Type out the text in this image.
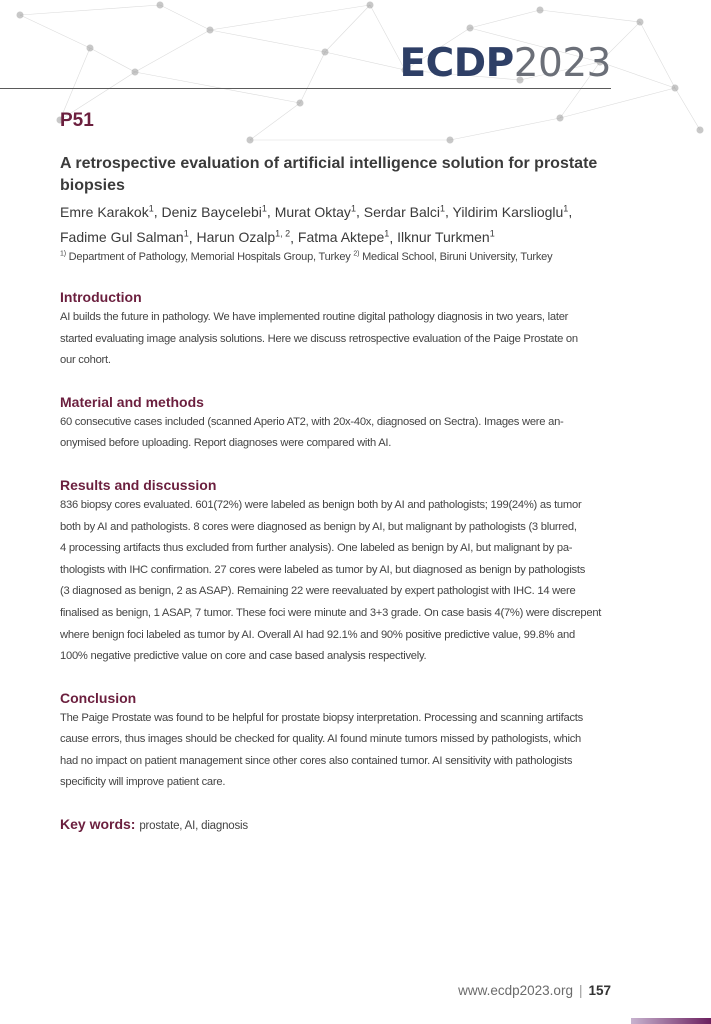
ECDP2023
P51
A retrospective evaluation of artificial intelligence solution for prostate biopsies

Emre Karakok$^1$, Deniz Baycelebi$^1$, Murat Oktay$^1$, Serdar Balci$^1$, Yildirim Karslioglu$^1$,
Fadime Gul Salman$^1$, Harun Ozalp$^{1, 2}$, Fatma Aktepe$^1$, Ilknur Turkmen$^1$

$^{1)}$ Department of Pathology, Memorial Hospitals Group, Turkey $^{2)}$ Medical School, Biruni University, Turkey

Introduction
AI builds the future in pathology. We have implemented routine digital pathology diagnosis in two years, later
started evaluating image analysis solutions. Here we discuss retrospective evaluation of the Paige Prostate on
our cohort.
Material and methods
60 consecutive cases included (scanned Aperio AT2, with 20x-40x, diagnosed on Sectra). Images were an-
onymised before uploading. Report diagnoses were compared with AI.
Results and discussion
836 biopsy cores evaluated. 601(72%) were labeled as benign both by AI and pathologists; 199(24%) as tumor
both by AI and pathologists. 8 cores were diagnosed as benign by AI, but malignant by pathologists (3 blurred,
4 processing artifacts thus excluded from further analysis). One labeled as benign by AI, but malignant by pa-
thologists with IHC confirmation. 27 cores were labeled as tumor by AI, but diagnosed as benign by pathologists
(3 diagnosed as benign, 2 as ASAP). Remaining 22 were reevaluated by expert pathologist with IHC. 14 were
finalised as benign, 1 ASAP, 7 tumor. These foci were minute and 3+3 grade. On case basis 4(7%) were discrepent
where benign foci labeled as tumor by AI. Overall AI had 92.1% and 90% positive predictive value, 99.8% and
100% negative predictive value on core and case based analysis respectively.
Conclusion
The Paige Prostate was found to be helpful for prostate biopsy interpretation. Processing and scanning artifacts
cause errors, thus images should be checked for quality. AI found minute tumors missed by pathologists, which
had no impact on patient management since other cores also contained tumor. AI sensitivity with pathologists
specificity will improve patient care.
Key words: prostate, AI, diagnosis
www.ecdp2023.org | 157
